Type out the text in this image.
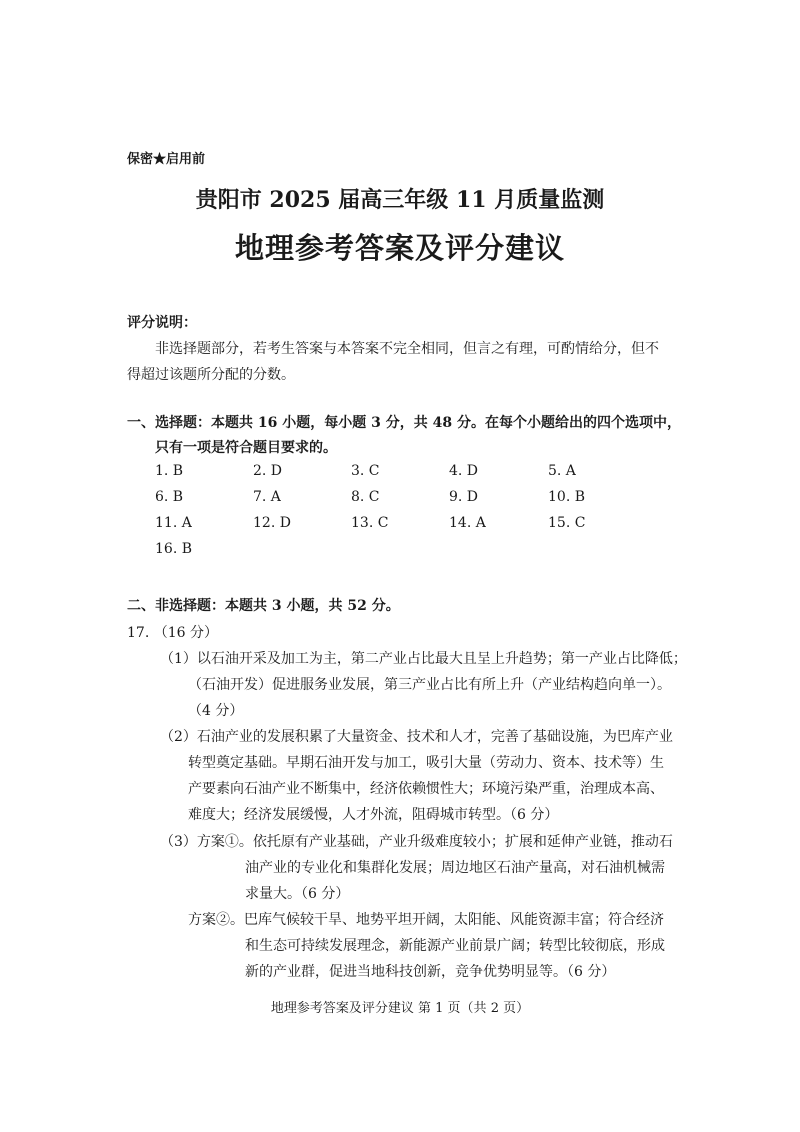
保密★启用前
贵阳市 2025 届高三年级 11 月质量监测
地理参考答案及评分建议
评分说明：
非选择题部分，若考生答案与本答案不完全相同，但言之有理，可酌情给分，但不
得超过该题所分配的分数。
一、选择题：本题共 16 小题，每小题 3 分，共 48 分。在每个小题给出的四个选项中，
只有一项是符合题目要求的。
1. B	2. D	3. C	4. D	5. A
6. B	7. A	8. C	9. D	10. B
11. A	12. D	13. C	14. A	15. C
16. B
二、非选择题：本题共 3 小题，共 52 分。
17. （16 分）
（1）以石油开采及加工为主，第二产业占比最大且呈上升趋势；第一产业占比降低；
（石油开发）促进服务业发展，第三产业占比有所上升（产业结构趋向单一）。
（4 分）
（2）石油产业的发展积累了大量资金、技术和人才，完善了基础设施，为巴库产业
转型奠定基础。早期石油开发与加工，吸引大量（劳动力、资本、技术等）生
产要素向石油产业不断集中，经济依赖惯性大；环境污染严重，治理成本高、
难度大；经济发展缓慢，人才外流，阻碍城市转型。（6 分）
（3）方案①。依托原有产业基础，产业升级难度较小；扩展和延伸产业链，推动石
油产业的专业化和集群化发展；周边地区石油产量高，对石油机械需
求量大。（6 分）
方案②。巴库气候较干旱、地势平坦开阔，太阳能、风能资源丰富；符合经济
和生态可持续发展理念，新能源产业前景广阔；转型比较彻底，形成
新的产业群，促进当地科技创新，竞争优势明显等。（6 分）
地理参考答案及评分建议 第 1 页（共 2 页）
